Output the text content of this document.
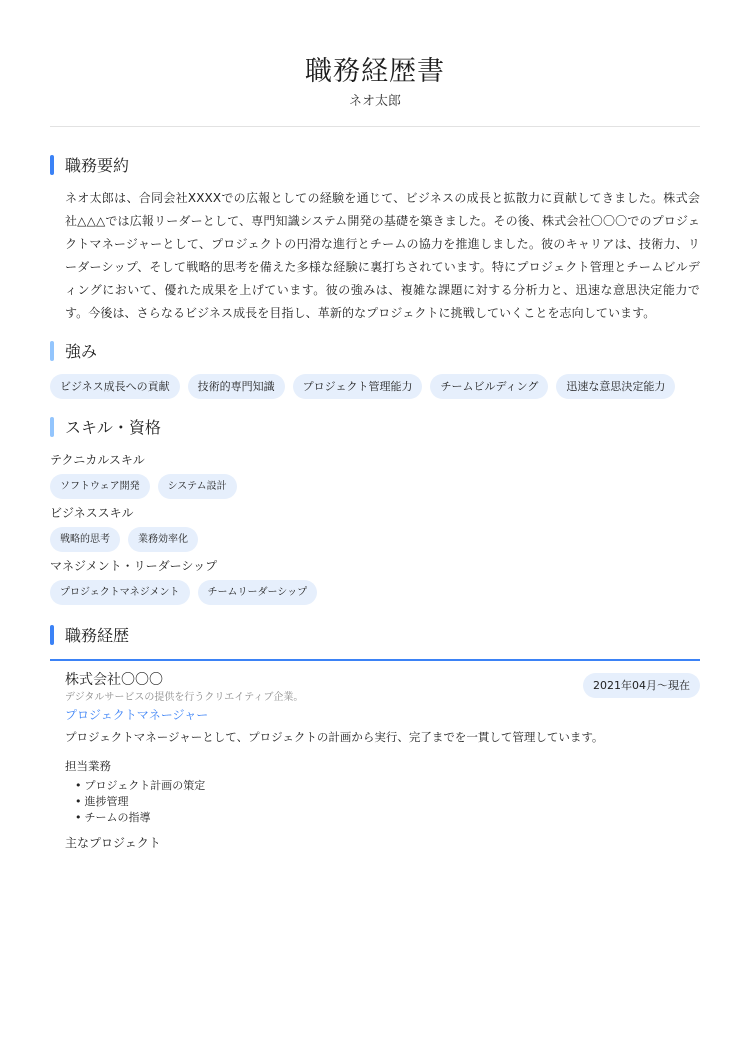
職務経歴書
ネオ太郎
職務要約

ネオ太郎は、合同会社XXXXでの広報としての経験を通じて、ビジネスの成長と拡散力に貢献してきました。株式会社△△△では広報リーダーとして、専門知識システム開発の基礎を築きました。その後、株式会社〇〇〇でのプロジェクトマネージャーとして、プロジェクトの円滑な進行とチームの協力を推進しました。彼のキャリアは、技術力、リーダーシップ、そして戦略的思考を備えた多様な経験に裏打ちされています。特にプロジェクト管理とチームビルディングにおいて、優れた成果を上げています。彼の強みは、複雑な課題に対する分析力と、迅速な意思決定能力です。今後は、さらなるビジネス成長を目指し、革新的なプロジェクトに挑戦していくことを志向しています。

強み
ビジネス成長への貢献	技術的専門知識	プロジェクト管理能力	チームビルディング	迅速な意思決定能力
スキル・資格
テクニカルスキル
ソフトウェア開発	システム設計
ビジネススキル
戦略的思考	業務効率化
マネジメント・リーダーシップ
プロジェクトマネジメント	チームリーダーシップ
職務経歴
株式会社〇〇〇
デジタルサービスの提供を行うクリエイティブ企業。
プロジェクトマネージャー
2021年04月〜現在
プロジェクトマネージャーとして、プロジェクトの計画から実行、完了までを一貫して管理しています。
担当業務
• プロジェクト計画の策定
• 進捗管理
• チームの指導
主なプロジェクト
